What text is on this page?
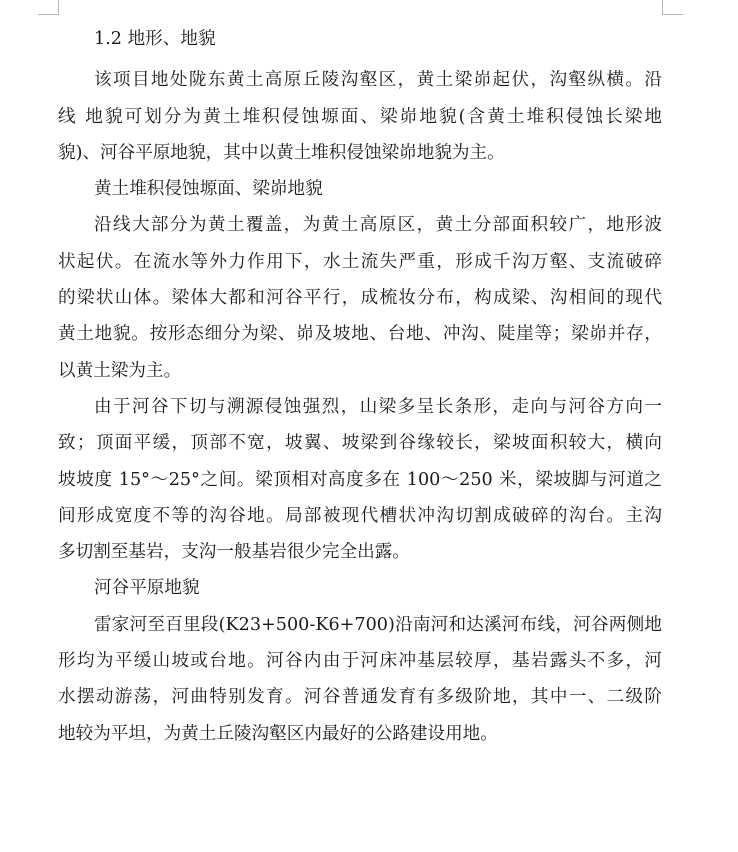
1.2 地形、地貌
该项目地处陇东黄土高原丘陵沟壑区，黄土梁峁起伏，沟壑纵横。沿
线 地貌可划分为黄土堆积侵蚀塬面、梁峁地貌(含黄土堆积侵蚀长梁地
貌)、河谷平原地貌，其中以黄土堆积侵蚀梁峁地貌为主。
黄土堆积侵蚀塬面、梁峁地貌
沿线大部分为黄土覆盖，为黄土高原区，黄土分部面积较广，地形波
状起伏。在流水等外力作用下，水土流失严重，形成千沟万壑、支流破碎
的梁状山体。梁体大都和河谷平行，成梳妆分布，构成梁、沟相间的现代
黄土地貌。按形态细分为梁、峁及坡地、台地、冲沟、陡崖等；梁峁并存，
以黄土梁为主。
由于河谷下切与溯源侵蚀强烈，山梁多呈长条形，走向与河谷方向一
致；顶面平缓，顶部不宽，坡翼、坡梁到谷缘较长，梁坡面积较大，横向
坡坡度 15°～25°之间。梁顶相对高度多在 100～250 米，梁坡脚与河道之
间形成宽度不等的沟谷地。局部被现代槽状冲沟切割成破碎的沟台。主沟
多切割至基岩，支沟一般基岩很少完全出露。
河谷平原地貌
雷家河至百里段(K23+500-K6+700)沿南河和达溪河布线，河谷两侧地
形均为平缓山坡或台地。河谷内由于河床冲基层较厚，基岩露头不多，河
水摆动游荡，河曲特别发育。河谷普通发育有多级阶地，其中一、二级阶
地较为平坦，为黄土丘陵沟壑区内最好的公路建设用地。
